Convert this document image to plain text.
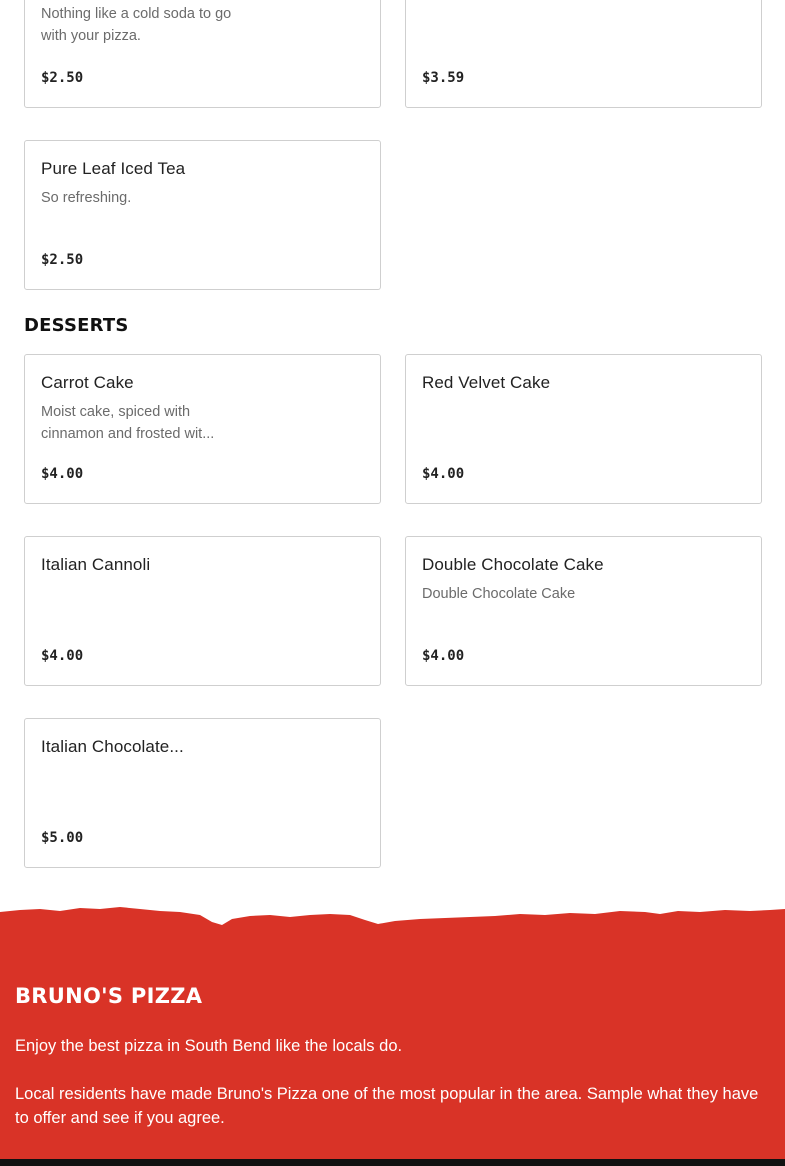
Nothing like a cold soda to go with your pizza.
$2.50	$3.59
Pure Leaf Iced Tea
So refreshing.
$2.50
DESSERTS
Carrot Cake
Moist cake, spiced with cinnamon and frosted wit...
$4.00
Red Velvet Cake
$4.00
Italian Cannoli
$4.00
Double Chocolate Cake
Double Chocolate Cake
$4.00
Italian Chocolate...
$5.00
BRUNO'S PIZZA
Enjoy the best pizza in South Bend like the locals do.
Local residents have made Bruno's Pizza one of the most popular in the area. Sample what they have to offer and see if you agree.
